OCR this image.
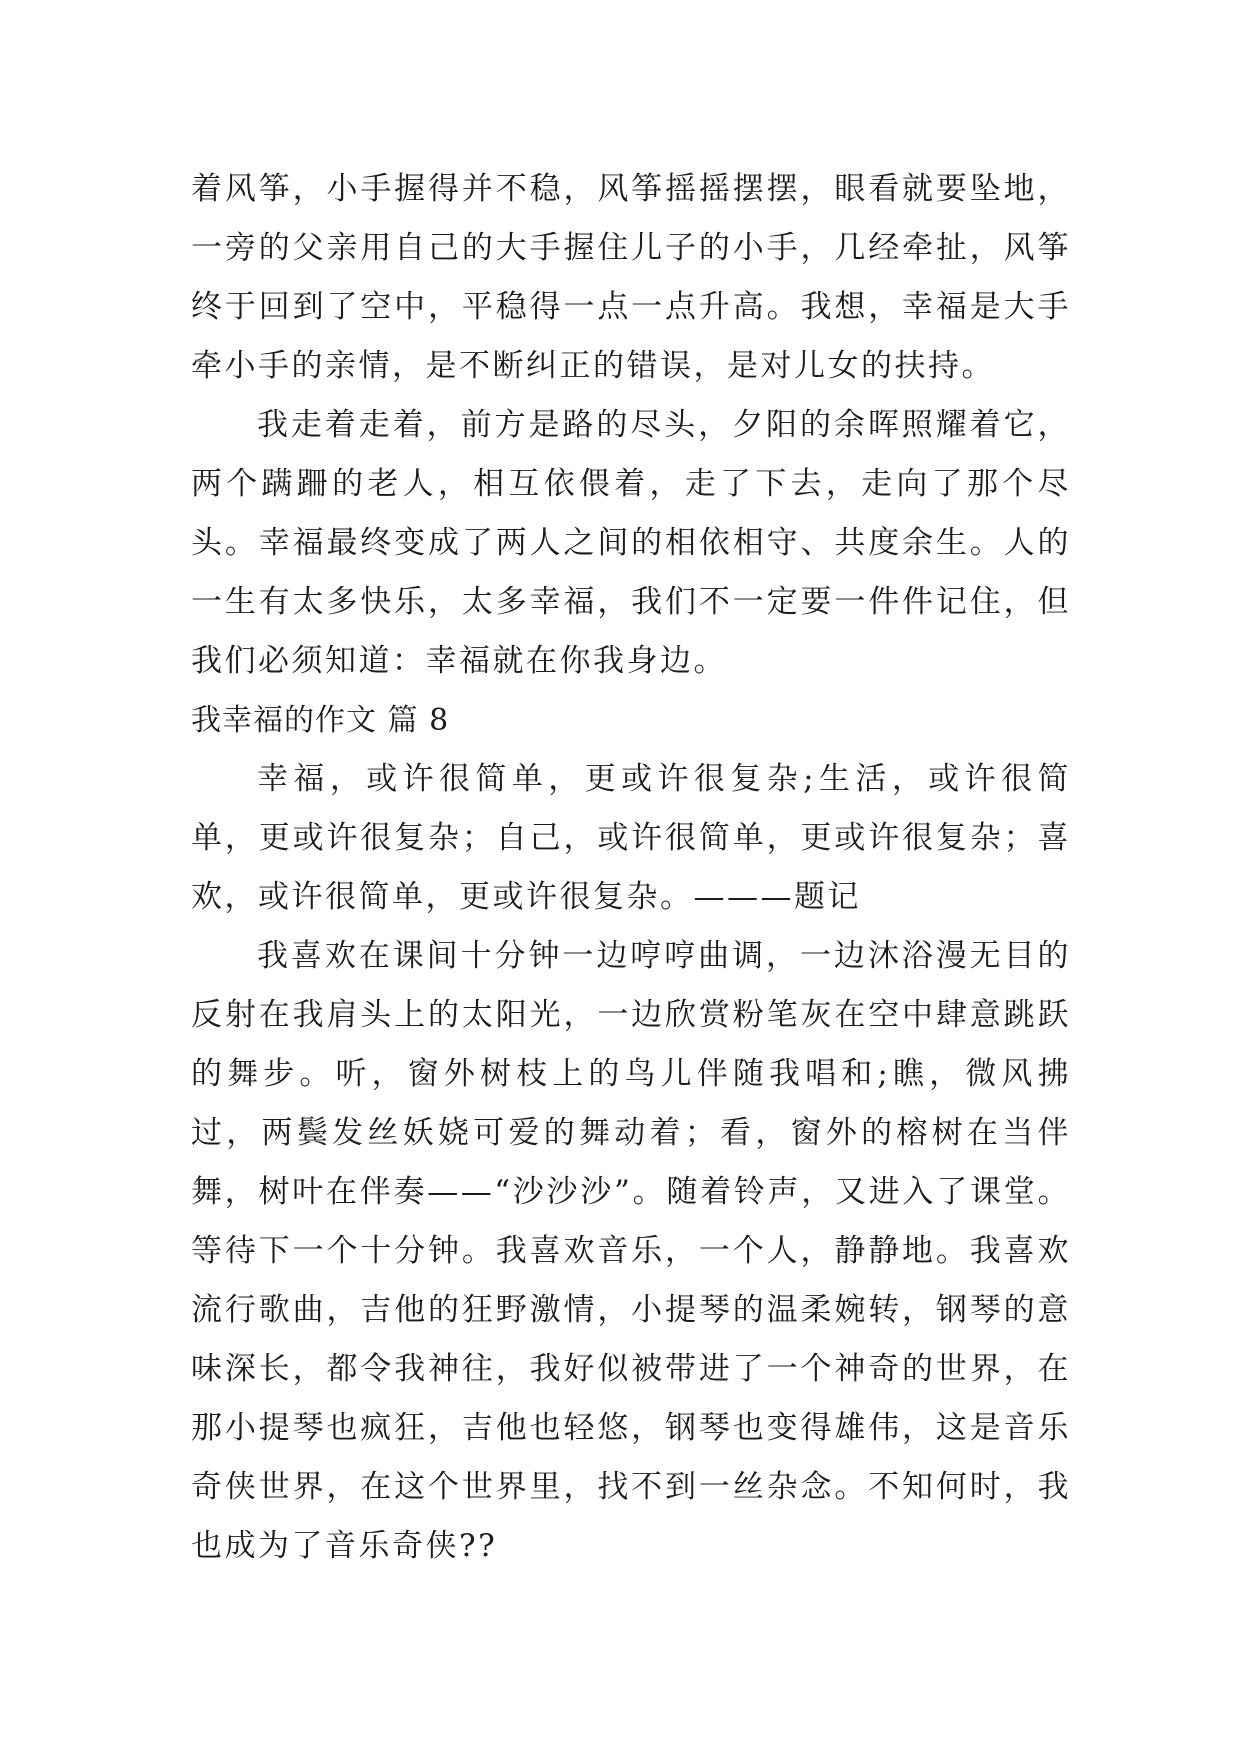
着风筝，小手握得并不稳，风筝摇摇摆摆，眼看就要坠地，一旁的父亲用自己的大手握住儿子的小手，几经牵扯，风筝终于回到了空中，平稳得一点一点升高。我想，幸福是大手牵小手的亲情，是不断纠正的错误，是对儿女的扶持。

我走着走着，前方是路的尽头，夕阳的余晖照耀着它，两个蹒跚的老人，相互依偎着，走了下去，走向了那个尽头。幸福最终变成了两人之间的相依相守、共度余生。人的一生有太多快乐，太多幸福，我们不一定要一件件记住，但我们必须知道：幸福就在你我身边。

我幸福的作文 篇 8

幸福，或许很简单，更或许很复杂;生活，或许很简单，更或许很复杂；自己，或许很简单，更或许很复杂；喜欢，或许很简单，更或许很复杂。———题记

我喜欢在课间十分钟一边哼哼曲调，一边沐浴漫无目的反射在我肩头上的太阳光，一边欣赏粉笔灰在空中肆意跳跃的舞步。听，窗外树枝上的鸟儿伴随我唱和;瞧，微风拂过，两鬓发丝妖娆可爱的舞动着；看，窗外的榕树在当伴舞，树叶在伴奏——“沙沙沙”。随着铃声，又进入了课堂。等待下一个十分钟。我喜欢音乐，一个人，静静地。我喜欢流行歌曲，吉他的狂野激情，小提琴的温柔婉转，钢琴的意味深长，都令我神往，我好似被带进了一个神奇的世界，在那小提琴也疯狂，吉他也轻悠，钢琴也变得雄伟，这是音乐奇侠世界，在这个世界里，找不到一丝杂念。不知何时，我也成为了音乐奇侠??
